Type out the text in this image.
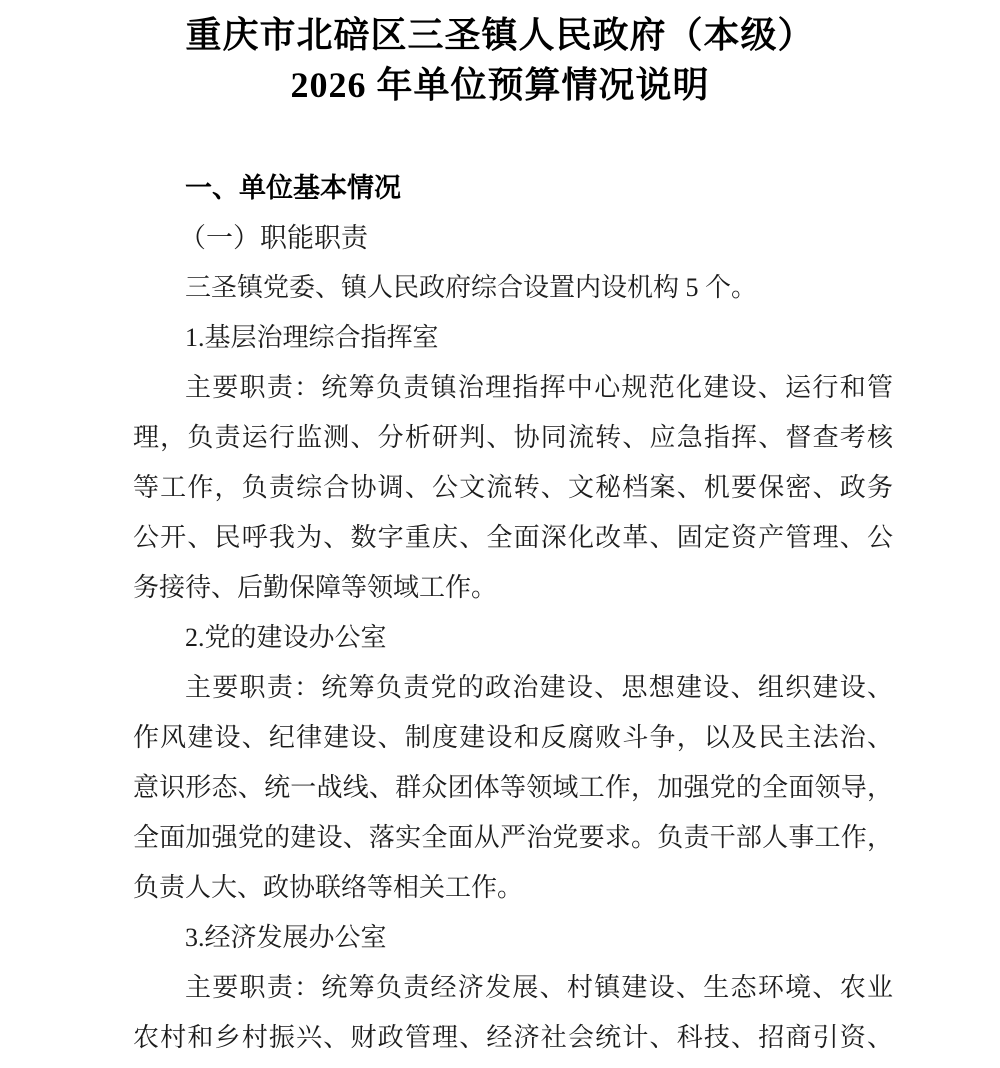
重庆市北碚区三圣镇人民政府（本级）
2026 年单位预算情况说明
一、单位基本情况
（一）职能职责
三圣镇党委、镇人民政府综合设置内设机构 5 个。
1.基层治理综合指挥室
主要职责：统筹负责镇治理指挥中心规范化建设、运行和管
理，负责运行监测、分析研判、协同流转、应急指挥、督查考核
等工作，负责综合协调、公文流转、文秘档案、机要保密、政务
公开、民呼我为、数字重庆、全面深化改革、固定资产管理、公
务接待、后勤保障等领域工作。
2.党的建设办公室
主要职责：统筹负责党的政治建设、思想建设、组织建设、
作风建设、纪律建设、制度建设和反腐败斗争，以及民主法治、
意识形态、统一战线、群众团体等领域工作，加强党的全面领导，
全面加强党的建设、落实全面从严治党要求。负责干部人事工作，
负责人大、政协联络等相关工作。
3.经济发展办公室
主要职责：统筹负责经济发展、村镇建设、生态环境、农业
农村和乡村振兴、财政管理、经济社会统计、科技、招商引资、
